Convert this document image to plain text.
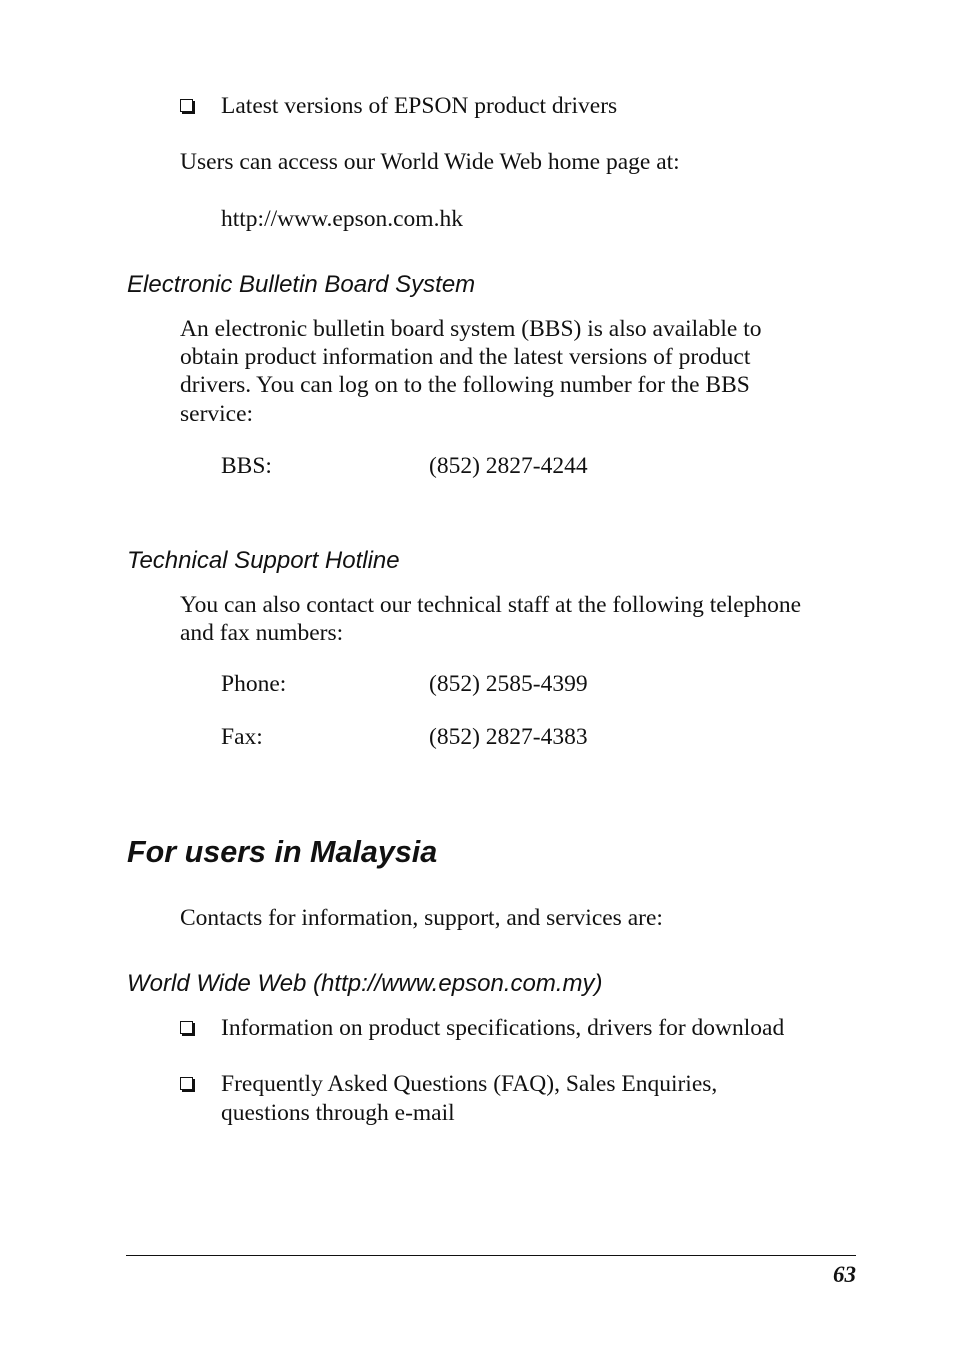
Latest versions of EPSON product drivers
Users can access our World Wide Web home page at:
http://www.epson.com.hk
Electronic Bulletin Board System
An electronic bulletin board system (BBS) is also available to
obtain product information and the latest versions of product
drivers. You can log on to the following number for the BBS
service:
BBS:	(852) 2827-4244
Technical Support Hotline
You can also contact our technical staff at the following telephone
and fax numbers:
Phone:	(852) 2585-4399
Fax:	(852) 2827-4383
For users in Malaysia
Contacts for information, support, and services are:
World Wide Web (http://www.epson.com.my)
Information on product specifications, drivers for download
Frequently Asked Questions (FAQ), Sales Enquiries,
questions through e-mail
63
